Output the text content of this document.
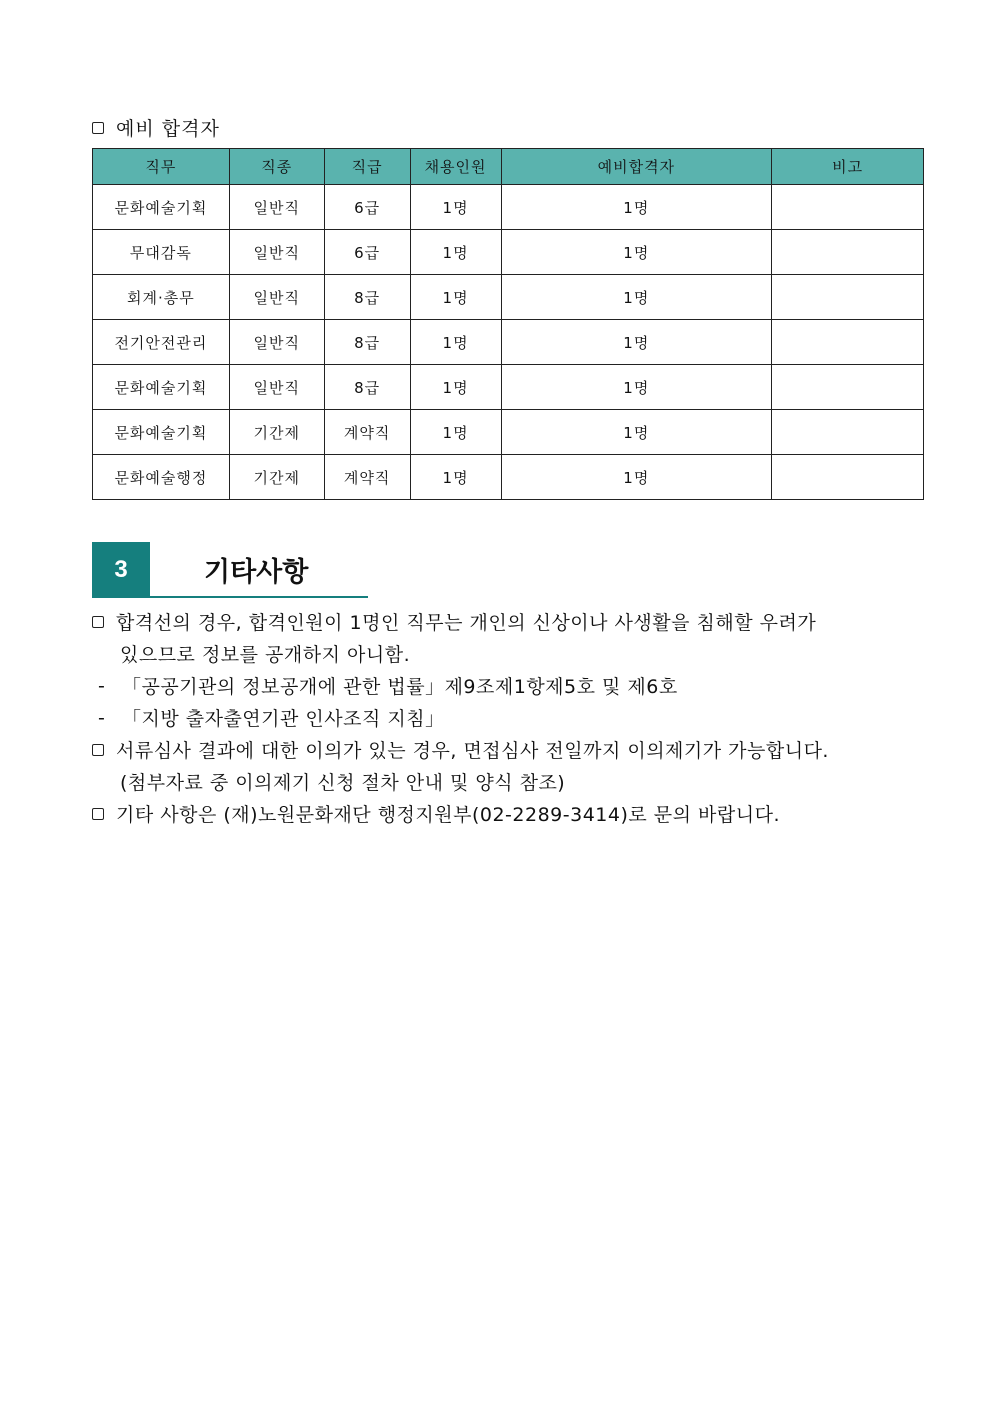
예비 합격자
직무	직종	직급	채용인원	예비합격자	비고
문화예술기획	일반직	6급	1명	1명	
무대감독	일반직	6급	1명	1명	
회계·총무	일반직	8급	1명	1명	
전기안전관리	일반직	8급	1명	1명	
문화예술기획	일반직	8급	1명	1명	
문화예술기획	기간제	계약직	1명	1명	
문화예술행정	기간제	계약직	1명	1명	
3	기타사항
합격선의 경우, 합격인원이 1명인 직무는 개인의 신상이나 사생활을 침해할 우려가
있으므로 정보를 공개하지 아니함.
- 「공공기관의 정보공개에 관한 법률」제9조제1항제5호 및 제6호
- 「지방 출자출연기관 인사조직 지침」
서류심사 결과에 대한 이의가 있는 경우, 면접심사 전일까지 이의제기가 가능합니다.
(첨부자료 중 이의제기 신청 절차 안내 및 양식 참조)
기타 사항은 (재)노원문화재단 행정지원부(02-2289-3414)로 문의 바랍니다.
